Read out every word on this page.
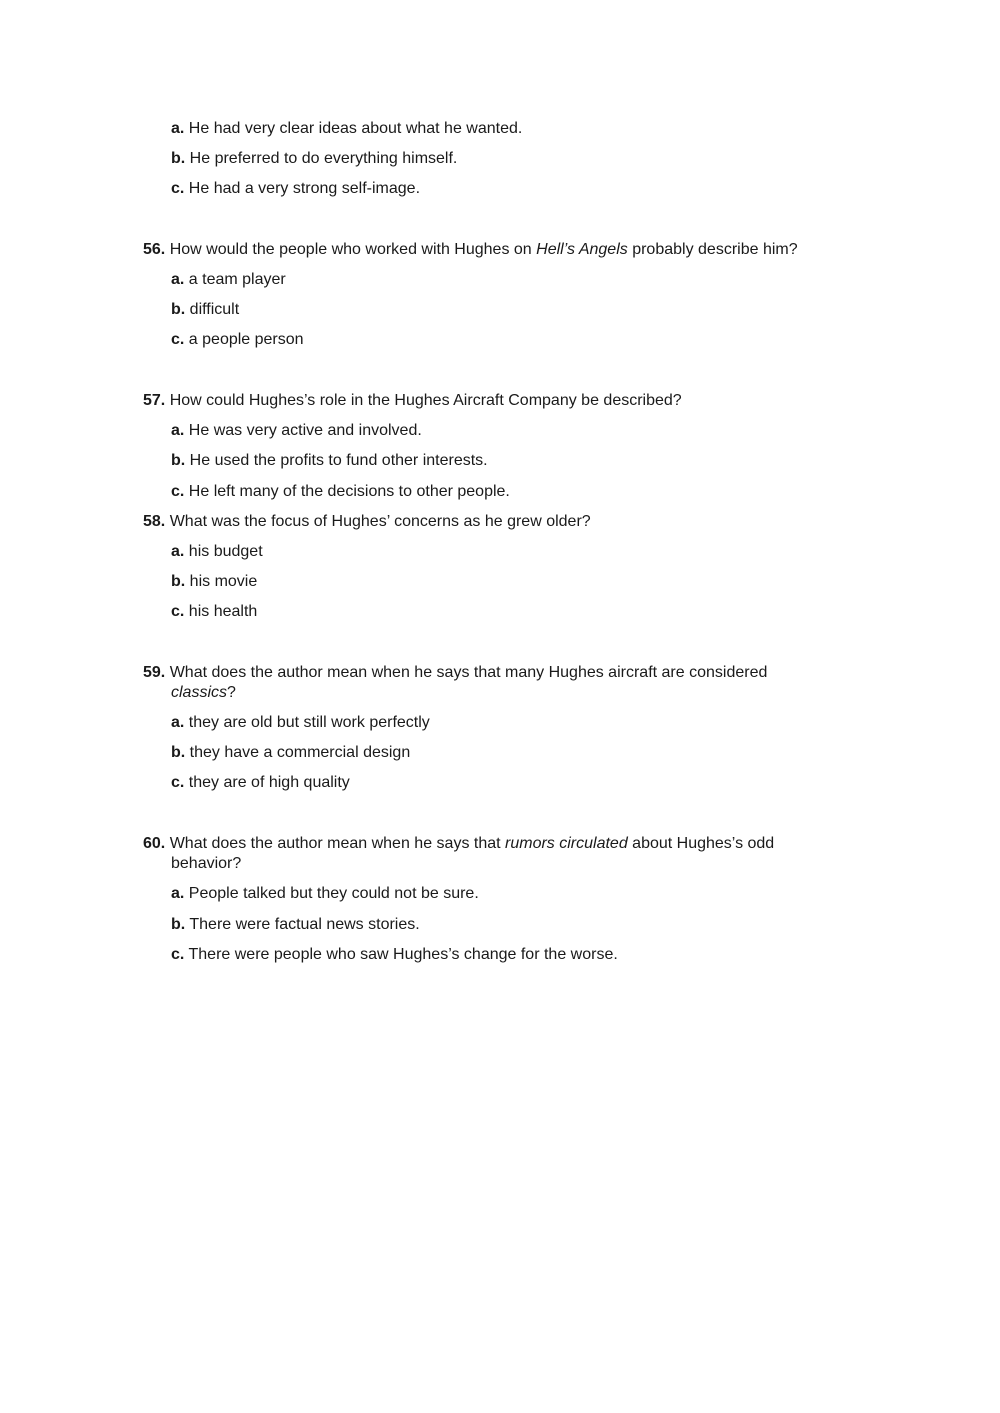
a. He had very clear ideas about what he wanted.
b. He preferred to do everything himself.
c. He had a very strong self-image.
56. How would the people who worked with Hughes on Hell’s Angels probably describe him?
a. a team player
b. difficult
c. a people person
57. How could Hughes’s role in the Hughes Aircraft Company be described?
a. He was very active and involved.
b. He used the profits to fund other interests.
c. He left many of the decisions to other people.
58. What was the focus of Hughes’ concerns as he grew older?
a. his budget
b. his movie
c. his health
59. What does the author mean when he says that many Hughes aircraft are considered
classics?
a. they are old but still work perfectly
b. they have a commercial design
c. they are of high quality
60. What does the author mean when he says that rumors circulated about Hughes’s odd
behavior?
a. People talked but they could not be sure.
b. There were factual news stories.
c. There were people who saw Hughes’s change for the worse.
